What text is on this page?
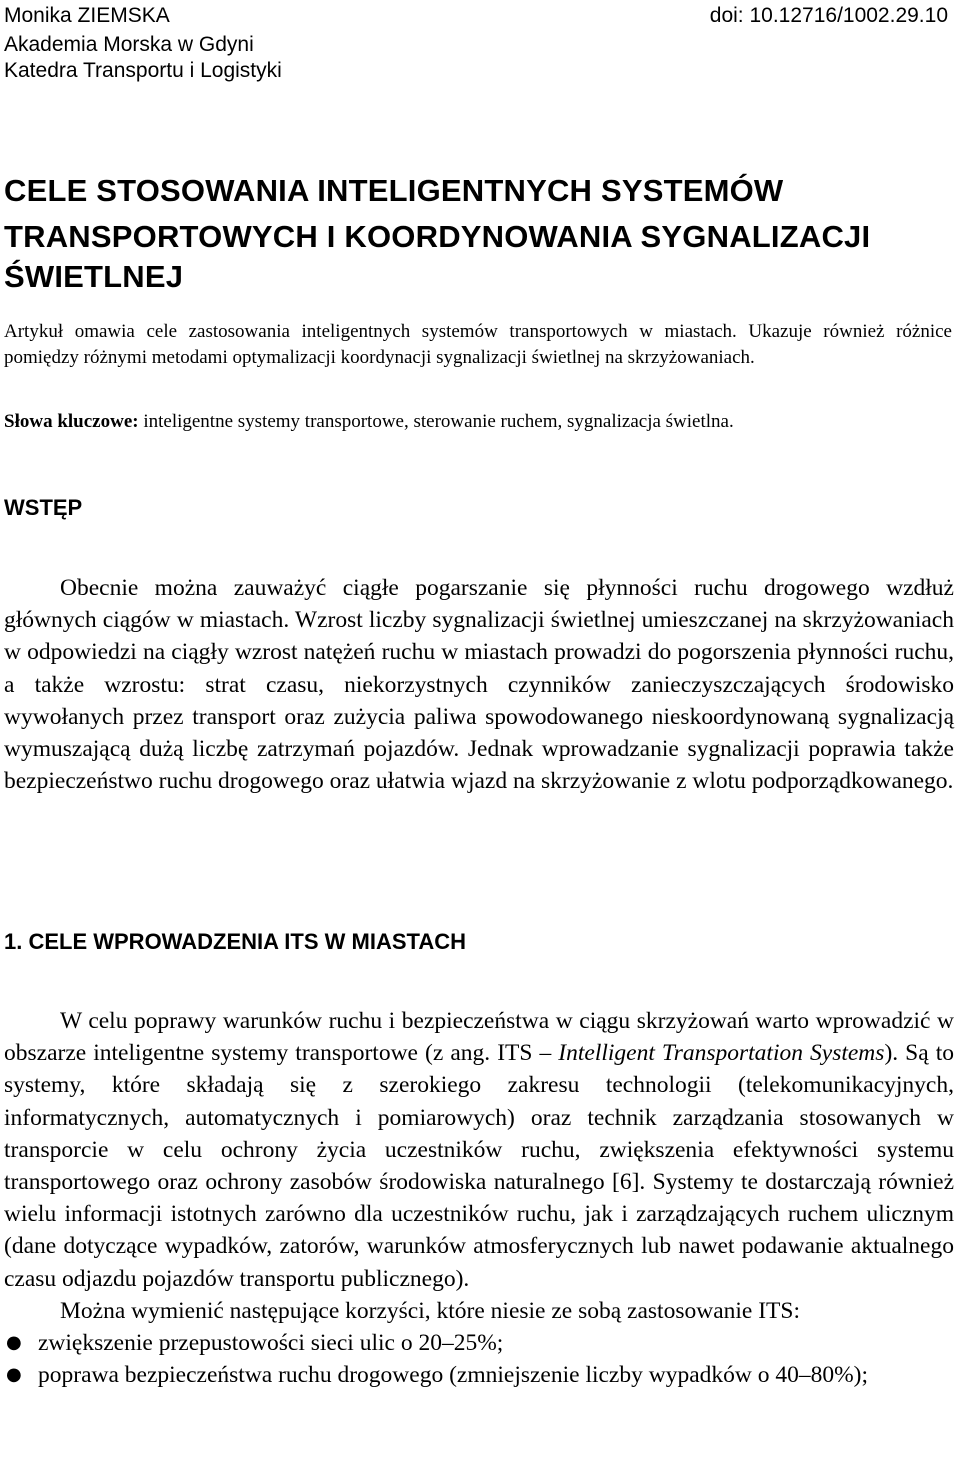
Monika ZIEMSKA	doi: 10.12716/1002.29.10
Akademia Morska w Gdyni
Katedra Transportu i Logistyki
CELE STOSOWANIA INTELIGENTNYCH SYSTEMÓW
TRANSPORTOWYCH I KOORDYNOWANIA SYGNALIZACJI ŚWIETLNEJ
Artykuł omawia cele zastosowania inteligentnych systemów transportowych w miastach. Ukazuje również różnice pomiędzy różnymi metodami optymalizacji koordynacji sygnalizacji świetlnej na skrzyżowaniach.
Słowa kluczowe: inteligentne systemy transportowe, sterowanie ruchem, sygnalizacja świetlna.
WSTĘP

Obecnie można zauważyć ciągłe pogarszanie się płynności ruchu drogowego wzdłuż głównych ciągów w miastach. Wzrost liczby sygnalizacji świetlnej umieszczanej na skrzyżowaniach w odpowiedzi na ciągły wzrost natężeń ruchu w miastach prowadzi do pogorszenia płynności ruchu, a także wzrostu: strat czasu, niekorzystnych czynników zanieczyszczających środowisko wywołanych przez transport oraz zużycia paliwa spowodowanego nieskoordynowaną sygnalizacją wymuszającą dużą liczbę zatrzymań pojazdów. Jednak wprowadzanie sygnalizacji poprawia także bezpieczeństwo ruchu drogowego oraz ułatwia wjazd na skrzyżowanie z wlotu podporządkowanego.

1. CELE WPROWADZENIA ITS W MIASTACH

W celu poprawy warunków ruchu i bezpieczeństwa w ciągu skrzyżowań warto wprowadzić w obszarze inteligentne systemy transportowe (z ang. ITS – Intelligent Transportation Systems). Są to systemy, które składają się z szerokiego zakresu technologii (telekomunikacyjnych, informatycznych, automatycznych i pomiarowych) oraz technik zarządzania stosowanych w transporcie w celu ochrony życia uczestników ruchu, zwiększenia efektywności systemu transportowego oraz ochrony zasobów środowiska naturalnego [6]. Systemy te dostarczają również wielu informacji istotnych zarówno dla uczestników ruchu, jak i zarządzających ruchem ulicznym (dane dotyczące wypadków, zatorów, warunków atmosferycznych lub nawet podawanie aktualnego czasu odjazdu pojazdów transportu publicznego).

Można wymienić następujące korzyści, które niesie ze sobą zastosowanie ITS:

● zwiększenie przepustowości sieci ulic o 20–25%;
● poprawa bezpieczeństwa ruchu drogowego (zmniejszenie liczby wypadków o 40–80%);
